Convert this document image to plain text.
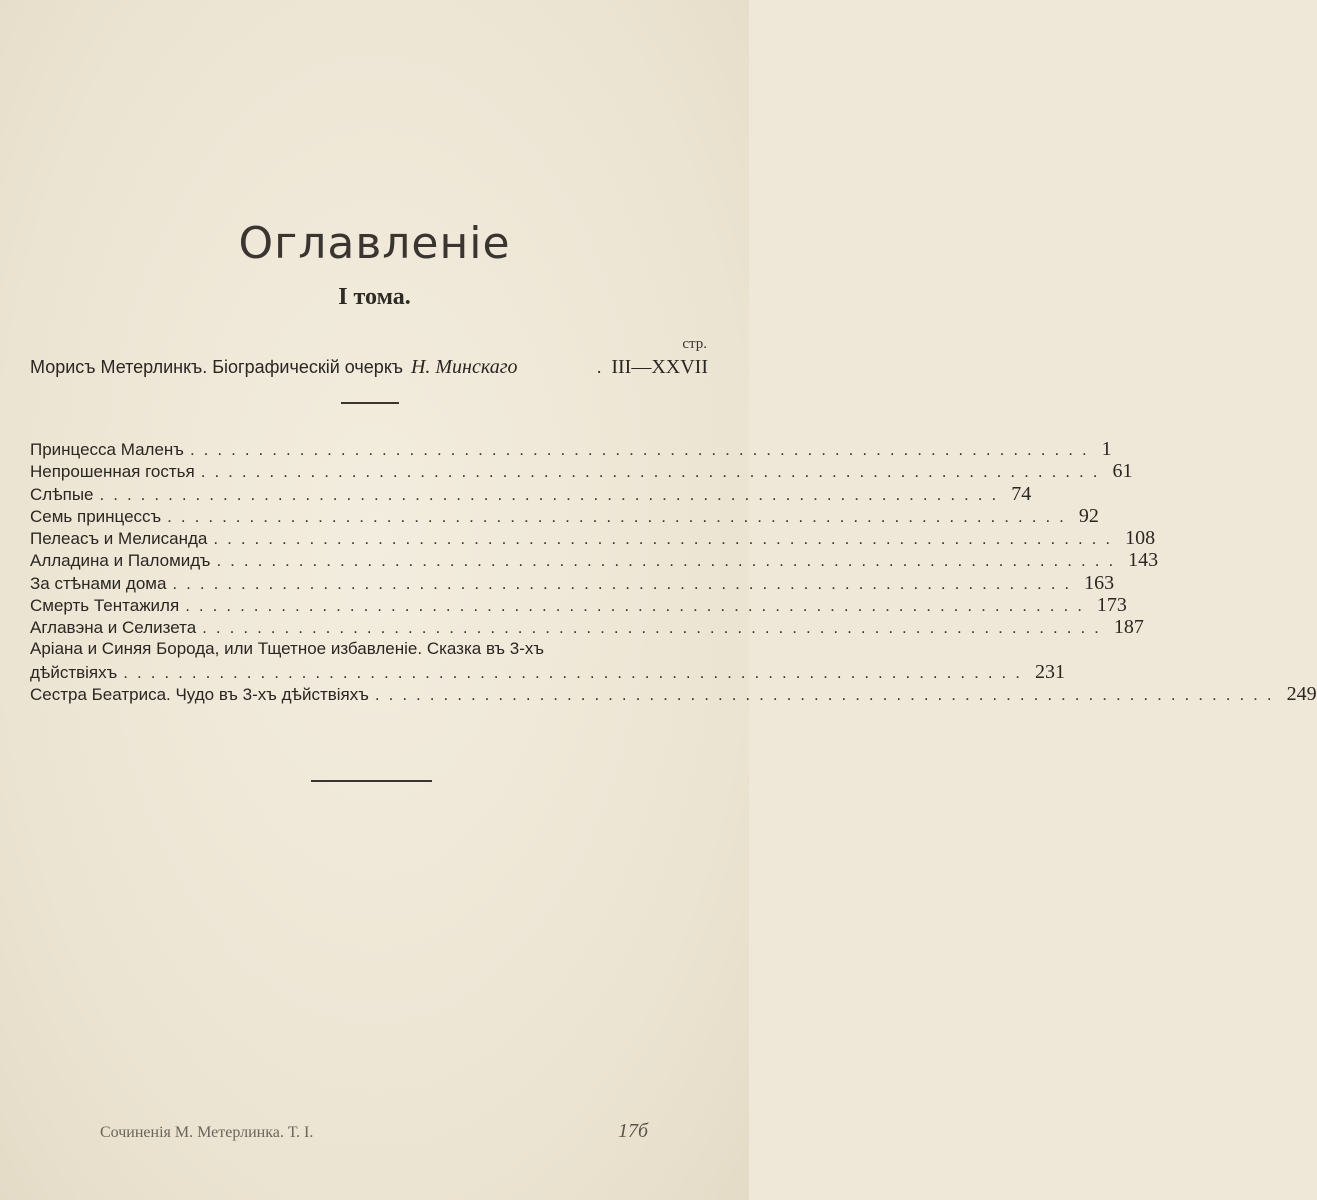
Оглавленіе
I тома.
стр.
Морисъ Метерлинкъ. Біографическій очеркъ Н. Минскаго	. III—XXVII
Принцесса Маленъ .................................................................. 1
Непрошенная гостья .................................................................. 61
Слѣпые .................................................................. 74
Семь принцессъ .................................................................. 92
Пелеасъ и Мелисанда .................................................................. 108
Алладина и Паломидъ .................................................................. 143
За стѣнами дома .................................................................. 163
Смерть Тентажиля .................................................................. 173
Аглавэна и Селизета .................................................................. 187
Аріана и Синяя Борода, или Тщетное избавленіе. Сказка въ 3-хъ
дѣйствіяхъ .................................................................. 231
Сестра Беатриса. Чудо въ 3-хъ дѣйствіяхъ .................................................................. 249
Сочиненія М. Метерлинка. Т. I.	17б
